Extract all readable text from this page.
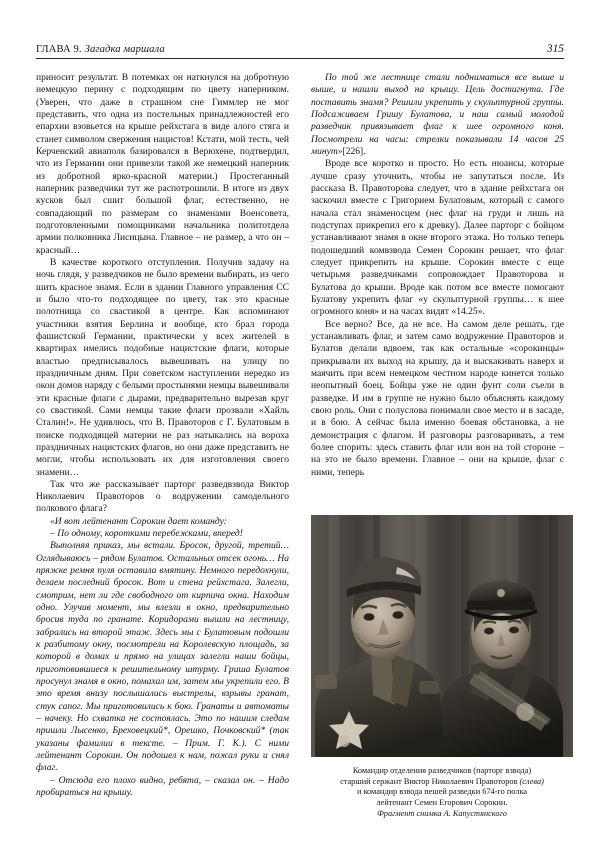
ГЛАВА 9. Загадка маршала	315

приносит результат. В потемках он наткнулся на добротную немецкую перину с подходящим по цвету наперником. (Уверен, что даже в страшном сне Гиммлер не мог представить, что одна из постельных принадлежностей его епархии взовьется на крыше рейхстага в виде алого стяга и станет символом свержения нацистов! Кстати, мой тесть, чей Керченский авиаполк базировался в Верюхене, подтвердил, что из Германии они привезли такой же немецкий наперник из добротной ярко-красной материи.) Простеганный наперник разведчики тут же распотрошили. В итоге из двух кусков был сшит большой флаг, естественно, не совпадающий по размерам со знаменами Военсовета, подготовленными помощниками начальника политотдела армии полковника Лисицына. Главное – не размер, а что он – красный…

В качестве короткого отступления. Получив задачу на ночь глядя, у разведчиков не было времени выбирать, из чего шить красное знамя. Если в здании Главного управления СС и было что-то подходящее по цвету, так это красные полотнища со свастикой в центре. Как вспоминают участники взятия Берлина и вообще, кто брал города фашистской Германии, практически у всех жителей в квартирах имелись подобные нацистские флаги, которые властью предписывалось вывешивать на улицу по праздничным дням. При советском наступлении нередко из окон домов наряду с белыми простынями немцы вывешивали эти красные флаги с дырами, предварительно вырезав круг со свастикой. Сами немцы такие флаги прозвали «Хайль Сталин!». Не удивлюсь, что В. Правоторов с Г. Булатовым в поиске подходящей материи не раз натыкались на вороха праздничных нацистских флагов, но они даже представить не могли, чтобы использовать их для изготовления своего знамени…

Так что же рассказывает парторг разведвзвода Виктор Николаевич Правоторов о водружении самодельного полкового флага?

«И вот лейтенант Сорокин дает команду:

– По одному, короткими перебежками, вперед!

Выполняя приказ, мы встали. Бросок, другой, третий… Оглядываюсь – рядом Булатов. Остальных отсек огонь… На пряжке ремня пуля оставила вмятину. Немного передохнули, делаем последний бросок. Вот и стена рейхстага. Залегли, смотрим, нет ли где свободного от кирпича окна. Находим одно. Улучив момент, мы влезли в окно, предварительно бросив туда по гранате. Коридорами вышли на лестницу, забрались на второй этаж. Здесь мы с Булатовым подошли к разбитому окну, посмотрели на Королевскую площадь, за которой в домах и прямо на улицах залегли наши бойцы, приготовившиеся к решительному штурму. Гриша Булатов просунул знамя в окно, помахал им, затем мы укрепили его. В это время внизу послышались выстрелы, взрывы гранат, стук сапог. Мы приготовились к бою. Гранаты и автоматы – начеку. Но схватка не состоялась. Это по нашим следам пришли Лысенко, Бреховецкий*, Орешко, Почковский* (так указаны фамилии в тексте. – Прим. Г. К.). С ними лейтенант Сорокин. Он подошел к нам, пожал руки и снял флаг.

– Отсюда его плохо видно, ребята, – сказал он. – Надо пробираться на крышу.

По той же лестнице стали подниматься все выше и выше, и нашли выход на крышу. Цель достигнута. Где поставить знамя? Решили укрепить у скульптурной группы. Подсаживаем Гришу Булатова, и наш самый молодой разведчик привязывает флаг к шее огромного коня. Посмотрели на часы: стрелки показывали 14 часов 25 минут»[226].

Вроде все коротко и просто. Но есть нюансы, которые лучше сразу уточнить, чтобы не запутаться после. Из рассказа В. Правоторова следует, что в здание рейхстага он заскочил вместе с Григорием Булатовым, который с самого начала стал знаменосцем (нес флаг на груди и лишь на подступах прикрепил его к древку). Далее парторг с бойцом устанавливают знамя в окне второго этажа. Но только теперь подошедший комвзвода Семен Сорокин решает, что флаг следует прикрепить на крыше. Сорокин вместе с еще четырьмя разведчиками сопровождает Правоторова и Булатова до крыши. Вроде как потом все вместе помогают Булатову укрепить флаг «у скульптурной группы… к шее огромного коня» и на часах видят «14.25».

Все верно? Все, да не все. На самом деле решать, где устанавливать флаг, и затем само водружение Правоторов и Булатов делали вдвоем, так как остальные «сорокинцы» прикрывали их выход на крышу, да и выскакивать наверх и маячить при всем немецком честном народе кинется только неопытный боец. Бойцы уже не один фунт соли съели в разведке. И им в группе не нужно было объяснять каждому свою роль. Они с полуслова понимали свое место и в засаде, и в бою. А сейчас была именно боевая обстановка, а не демонстрация с флагом. И разговоры разговаривать, а тем более спорить: здесь ставить флаг или вон на той стороне – на это не было времени. Главное – они на крыше, флаг с ними, теперь

Командир отделения разведчиков (парторг взвода)
старший сержант Виктор Николаевич Правоторов (слева)
и командир взвода пешей разведки 674-го полка
лейтенант Семен Егорович Сорокин.
Фрагмент снимка А. Капустянского
